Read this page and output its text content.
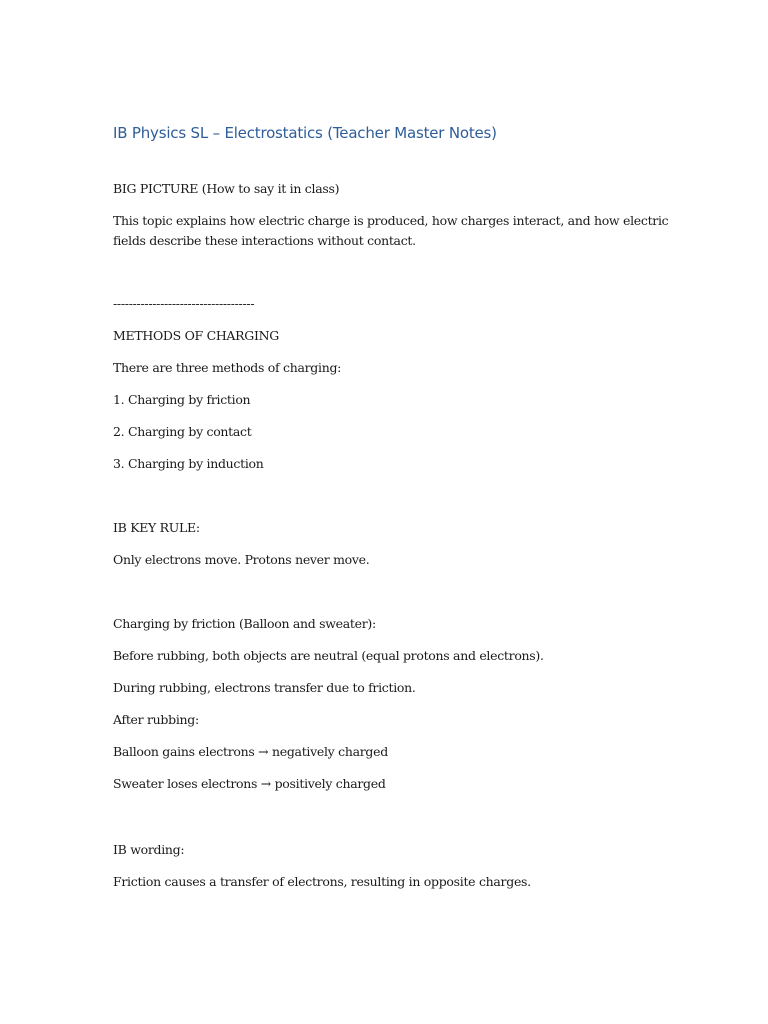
IB Physics SL – Electrostatics (Teacher Master Notes)
BIG PICTURE (How to say it in class)
This topic explains how electric charge is produced, how charges interact, and how electric
fields describe these interactions without contact.
------------------------------------
METHODS OF CHARGING
There are three methods of charging:
1. Charging by friction
2. Charging by contact
3. Charging by induction
IB KEY RULE:
Only electrons move. Protons never move.
Charging by friction (Balloon and sweater):
Before rubbing, both objects are neutral (equal protons and electrons).
During rubbing, electrons transfer due to friction.
After rubbing:
Balloon gains electrons → negatively charged
Sweater loses electrons → positively charged
IB wording:
Friction causes a transfer of electrons, resulting in opposite charges.
